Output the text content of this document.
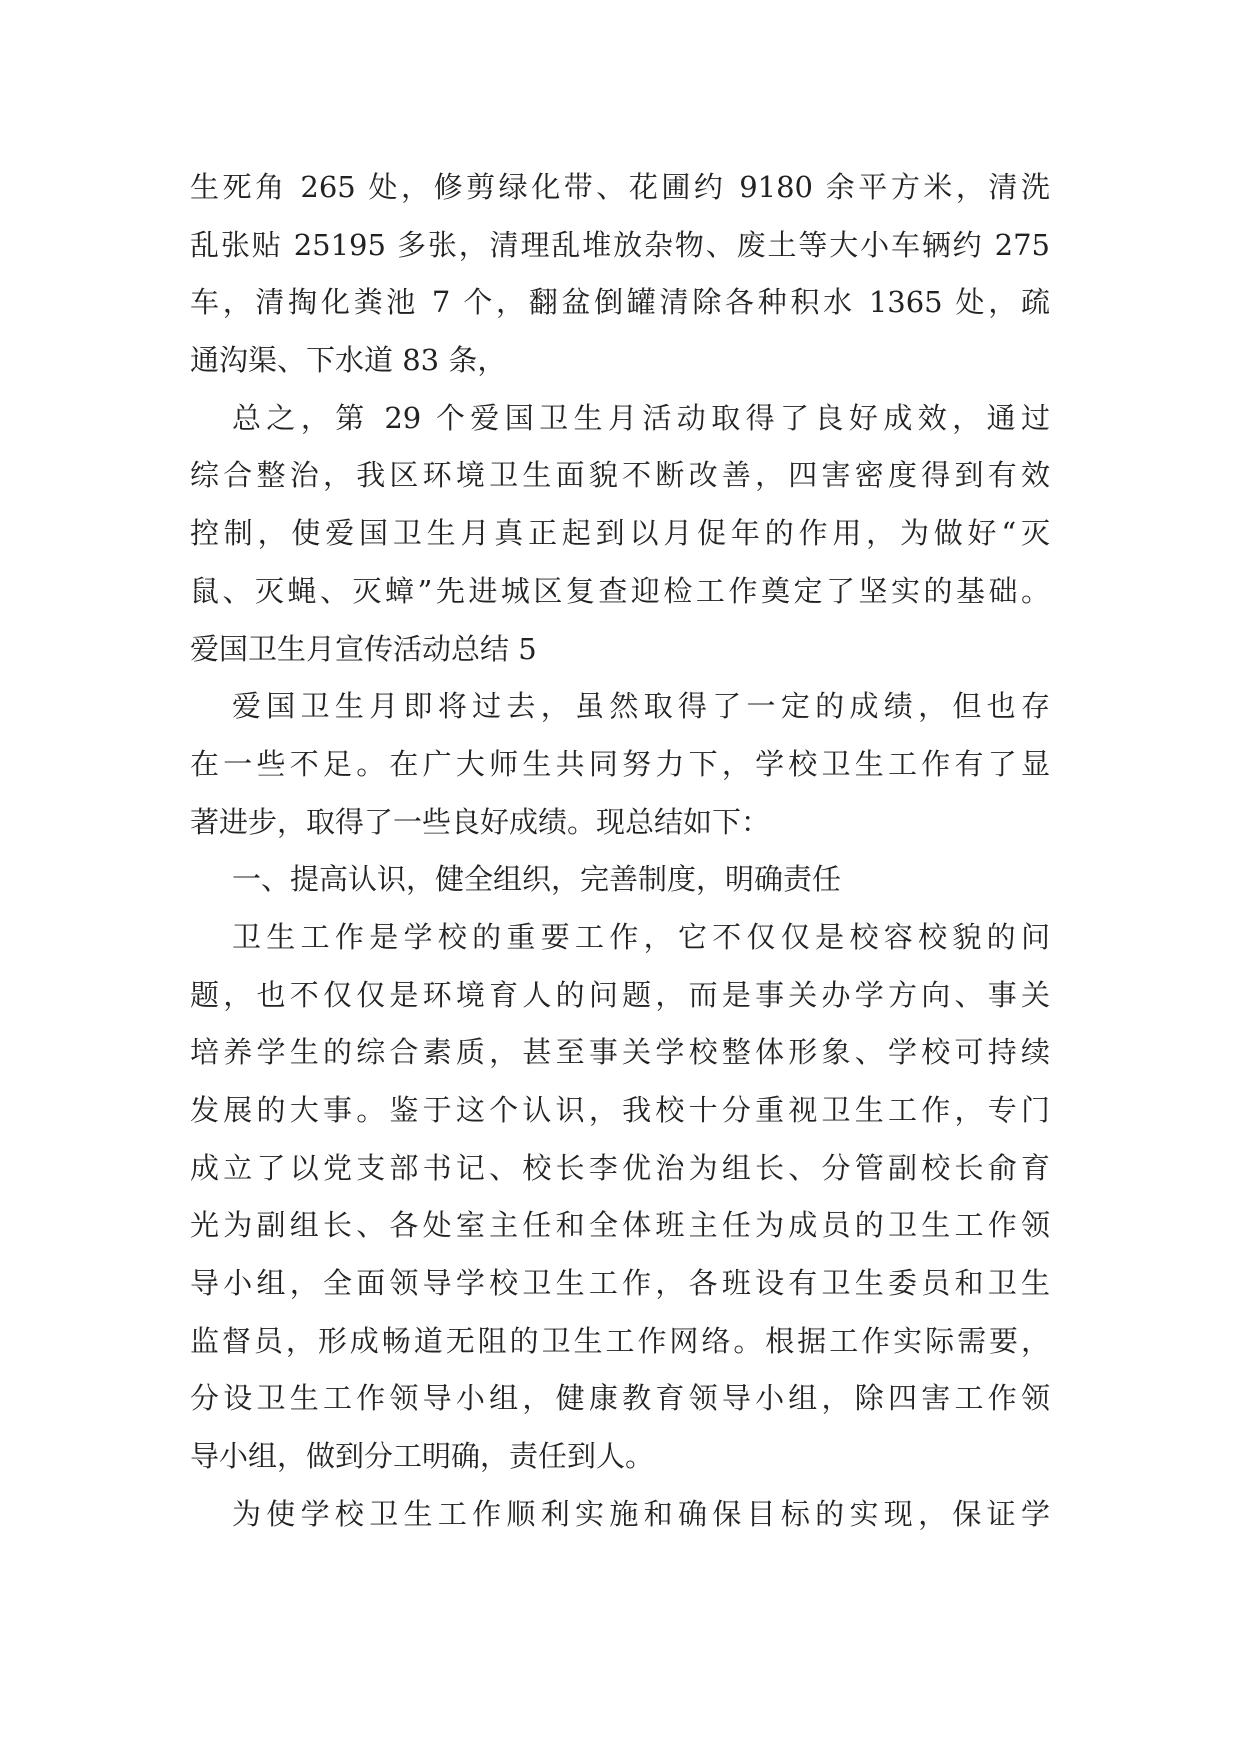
生死角 265 处，修剪绿化带、花圃约 9180 余平方米，清洗
乱张贴 25195 多张，清理乱堆放杂物、废土等大小车辆约 275
车，清掏化粪池 7 个，翻盆倒罐清除各种积水 1365 处，疏
通沟渠、下水道 83 条，
总之，第 29 个爱国卫生月活动取得了良好成效，通过
综合整治，我区环境卫生面貌不断改善，四害密度得到有效
控制，使爱国卫生月真正起到以月促年的作用，为做好“灭
鼠、灭蝇、灭蟑”先进城区复查迎检工作奠定了坚实的基础。
爱国卫生月宣传活动总结 5
爱国卫生月即将过去，虽然取得了一定的成绩，但也存
在一些不足。在广大师生共同努力下，学校卫生工作有了显
著进步，取得了一些良好成绩。现总结如下：
一、提高认识，健全组织，完善制度，明确责任
卫生工作是学校的重要工作，它不仅仅是校容校貌的问
题，也不仅仅是环境育人的问题，而是事关办学方向、事关
培养学生的综合素质，甚至事关学校整体形象、学校可持续
发展的大事。鉴于这个认识，我校十分重视卫生工作，专门
成立了以党支部书记、校长李优治为组长、分管副校长俞育
光为副组长、各处室主任和全体班主任为成员的卫生工作领
导小组，全面领导学校卫生工作，各班设有卫生委员和卫生
监督员，形成畅道无阻的卫生工作网络。根据工作实际需要，
分设卫生工作领导小组，健康教育领导小组，除四害工作领
导小组，做到分工明确，责任到人。
为使学校卫生工作顺利实施和确保目标的实现，保证学
